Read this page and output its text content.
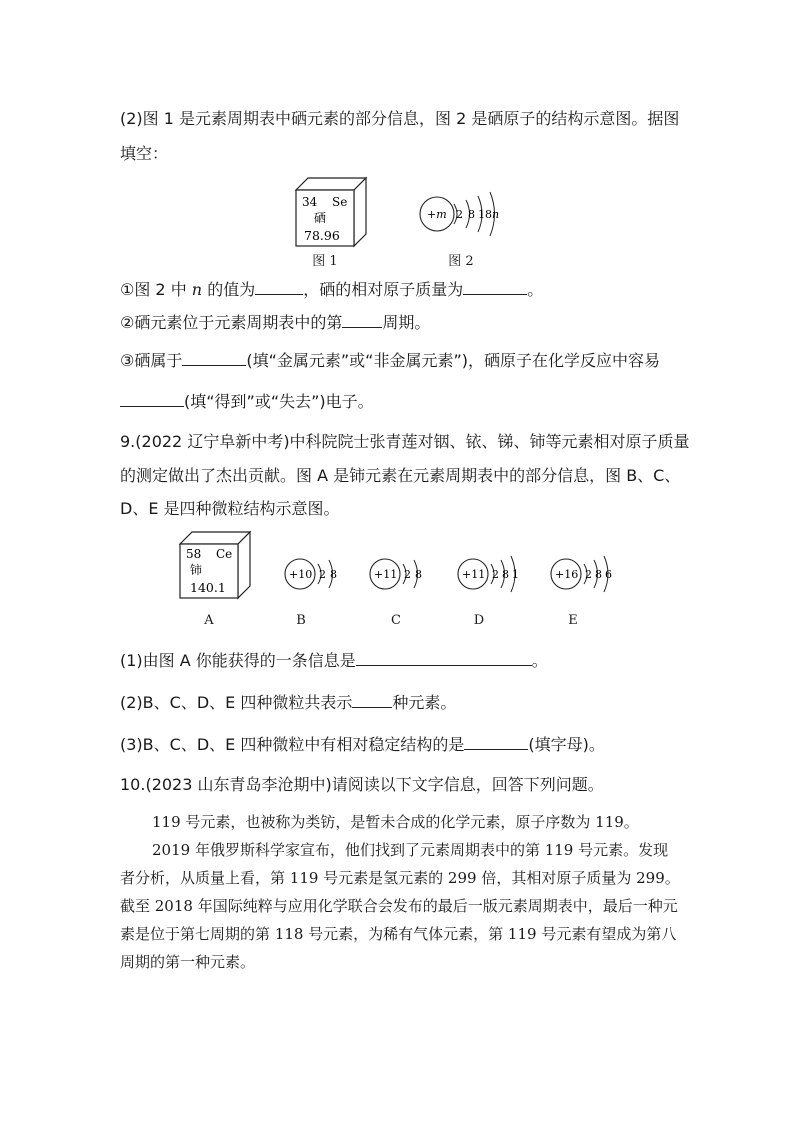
(2)图 1 是元素周期表中硒元素的部分信息，图 2 是硒原子的结构示意图。据图
填空：
34 Se
硒
78.96
图 1
+m 2 8 18 n
图 2
①图 2 中 n 的值为	，硒的相对原子质量为	。
②硒元素位于元素周期表中的第	周期。
③硒属于	(填“金属元素”或“非金属元素”)，硒原子在化学反应中容易
(填“得到”或“失去”)电子。
9.(2022 辽宁阜新中考)中科院院士张青莲对铟、铱、锑、铈等元素相对原子质量
的测定做出了杰出贡献。图 A 是铈元素在元素周期表中的部分信息，图 B、C、
D、E 是四种微粒结构示意图。
58 Ce
铈
140.1
A
+10 2 8
B
+11 2 8
C
+11 2 8 1
D
+16 2 8 6
E
(1)由图 A 你能获得的一条信息是	。
(2)B、C、D、E 四种微粒共表示	种元素。
(3)B、C、D、E 四种微粒中有相对稳定结构的是	(填字母)。
10.(2023 山东青岛李沧期中)请阅读以下文字信息，回答下列问题。

119 号元素，也被称为类钫，是暂未合成的化学元素，原子序数为 119。

2019 年俄罗斯科学家宣布，他们找到了元素周期表中的第 119 号元素。发现者分析，从质量上看，第 119 号元素是氢元素的 299 倍，其相对原子质量为 299。截至 2018 年国际纯粹与应用化学联合会发布的最后一版元素周期表中，最后一种元素是位于第七周期的第 118 号元素，为稀有气体元素，第 119 号元素有望成为第八周期的第一种元素。
